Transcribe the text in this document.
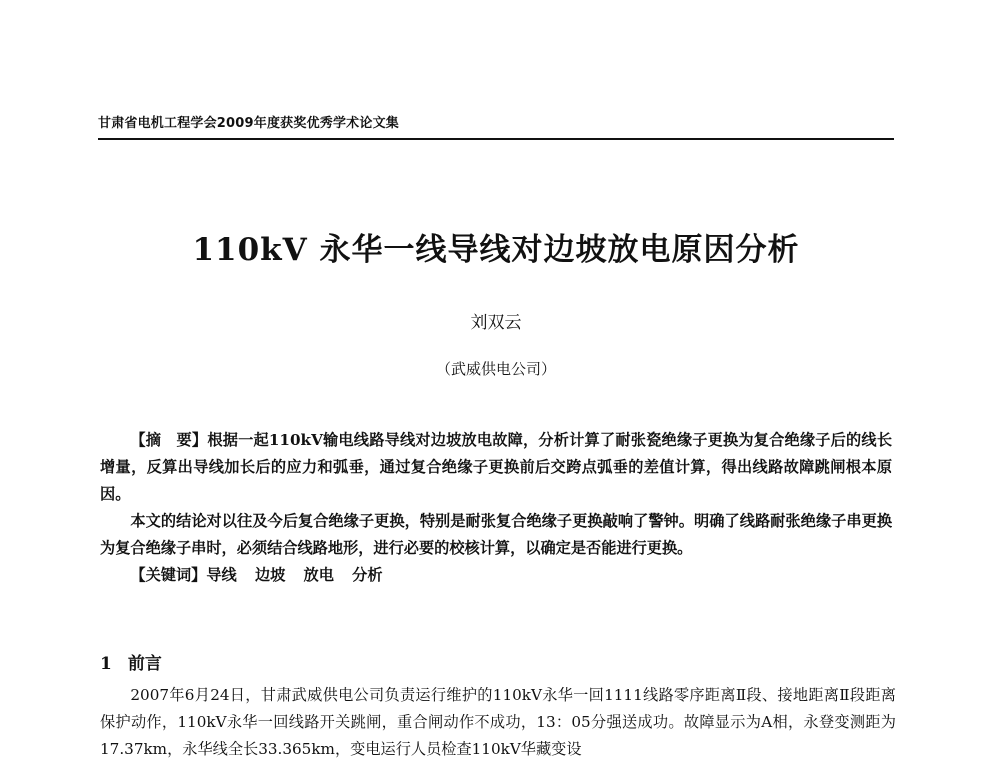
甘肃省电机工程学会2009年度获奖优秀学术论文集
110kV 永华一线导线对边坡放电原因分析
刘双云
（武威供电公司）

【摘　要】根据一起110kV输电线路导线对边坡放电故障，分析计算了耐张瓷绝缘子更换为复合绝缘子后的线长增量，反算出导线加长后的应力和弧垂，通过复合绝缘子更换前后交跨点弧垂的差值计算，得出线路故障跳闸根本原因。

本文的结论对以往及今后复合绝缘子更换，特别是耐张复合绝缘子更换敲响了警钟。明确了线路耐张绝缘子串更换为复合绝缘子串时，必须结合线路地形，进行必要的校核计算，以确定是否能进行更换。

【关键词】导线 边坡 放电 分析

1 前言

2007年6月24日，甘肃武威供电公司负责运行维护的110kV永华一回1111线路零序距离Ⅱ段、接地距离Ⅱ段距离保护动作，110kV永华一回线路开关跳闸，重合闸动作不成功，13：05分强送成功。故障显示为A相，永登变测距为17.37km，永华线全长33.365km，变电运行人员检查110kV华藏变设
